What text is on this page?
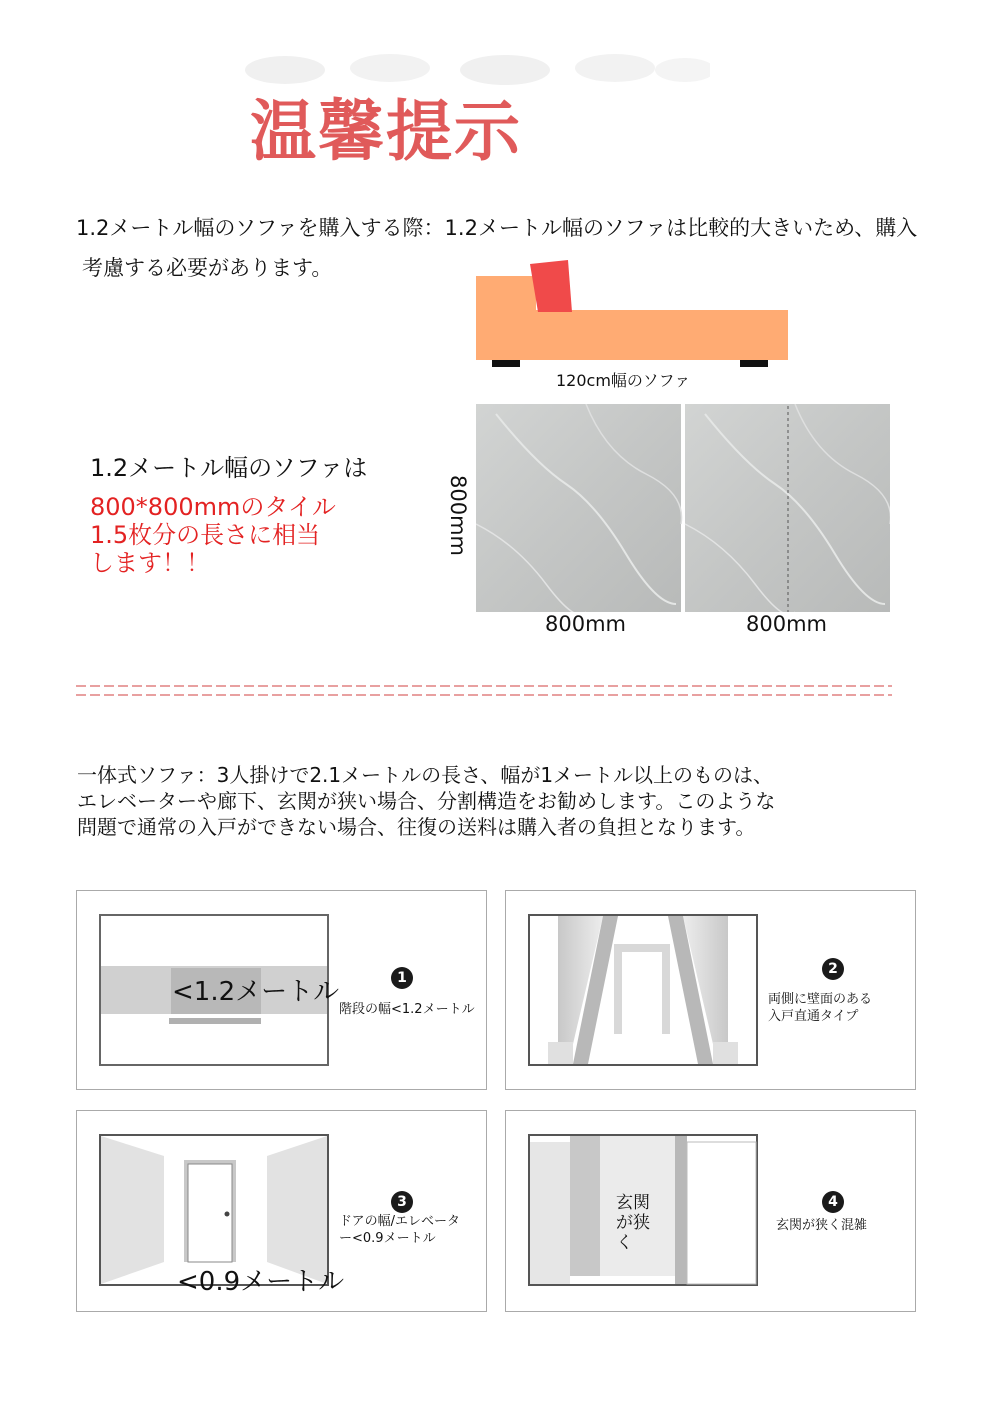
温馨提示
1.2メートル幅のソファを購入する際：1.2メートル幅のソファは比較的大きいため、購入
考慮する必要があります。
120cm幅のソファ
800mm	800mm
800mm
1.2メートル幅のソファは
800*800mmのタイル
1.5枚分の長さに相当
します！！
一体式ソファ：3人掛けで2.1メートルの長さ、幅が1メートル以上のものは、エレベーターや廊下、玄関が狭い場合、分割構造をお勧めします。このような問題で通常の入戸ができない場合、往復の送料は購入者の負担となります。
<1.2メートル	1
階段の幅<1.2メートル
2
両側に壁面のある
入戸直通タイプ
<0.9メートル
3
ドアの幅/エレベータ
ー<0.9メートル
玄関
が狭
く
4
玄関が狭く混雑
